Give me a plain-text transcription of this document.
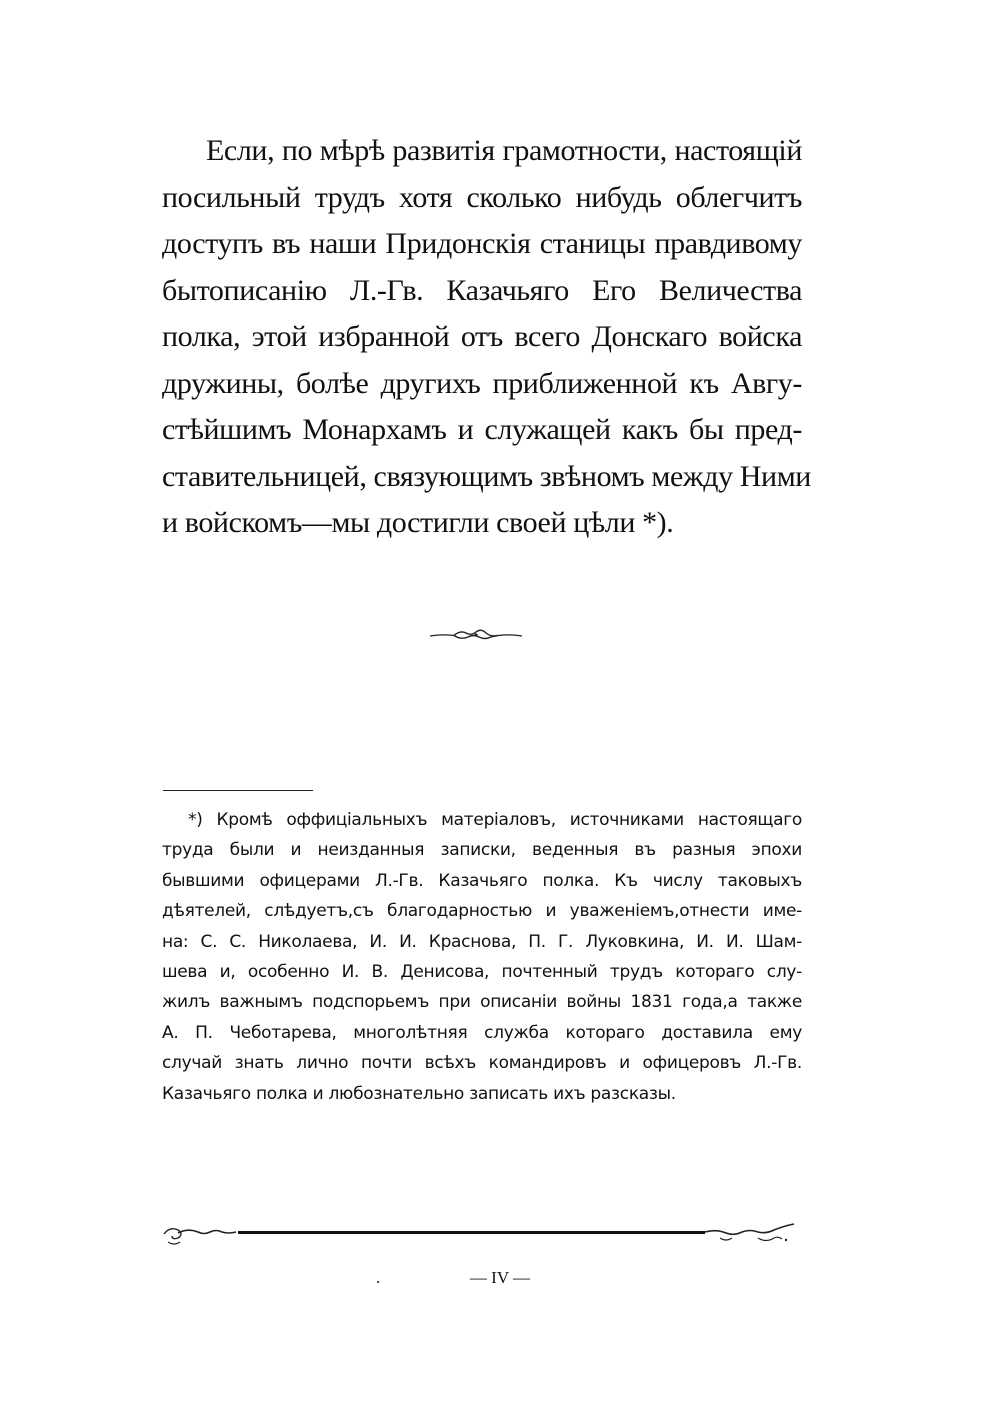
Если, по мѣрѣ развитія грамотности, настоящій
посильный трудъ хотя сколько нибудь облегчитъ
доступъ въ наши Придонскія станицы правдивому
бытописанію Л.-Гв. Казачьяго Его Величества
полка, этой избранной отъ всего Донскаго войска
дружины, болѣе другихъ приближенной къ Авгу-
стѣйшимъ Монархамъ и служащей какъ бы пред-
ставительницей, связующимъ звѣномъ между Ними
и войскомъ—мы достигли своей цѣли *).
*) Кромѣ оффиціальныхъ матеріаловъ, источниками настоящаго
труда были и неизданныя записки, веденныя въ разныя эпохи
бывшими офицерами Л.-Гв. Казачьяго полка. Къ числу таковыхъ
дѣятелей, слѣдуетъ,съ благодарностью и уваженіемъ,отнести име-
на: С. С. Николаева, И. И. Краснова, П. Г. Луковкина, И. И. Шам-
шева и, особенно И. В. Денисова, почтенный трудъ котораго слу-
жилъ важнымъ подспорьемъ при описаніи войны 1831 года,а также
А. П. Чеботарева, многолѣтняя служба котораго доставила ему
случай знать лично почти всѣхъ командировъ и офицеровъ Л.-Гв.
Казачьяго полка и любознательно записать ихъ разсказы.
.	— IV —
